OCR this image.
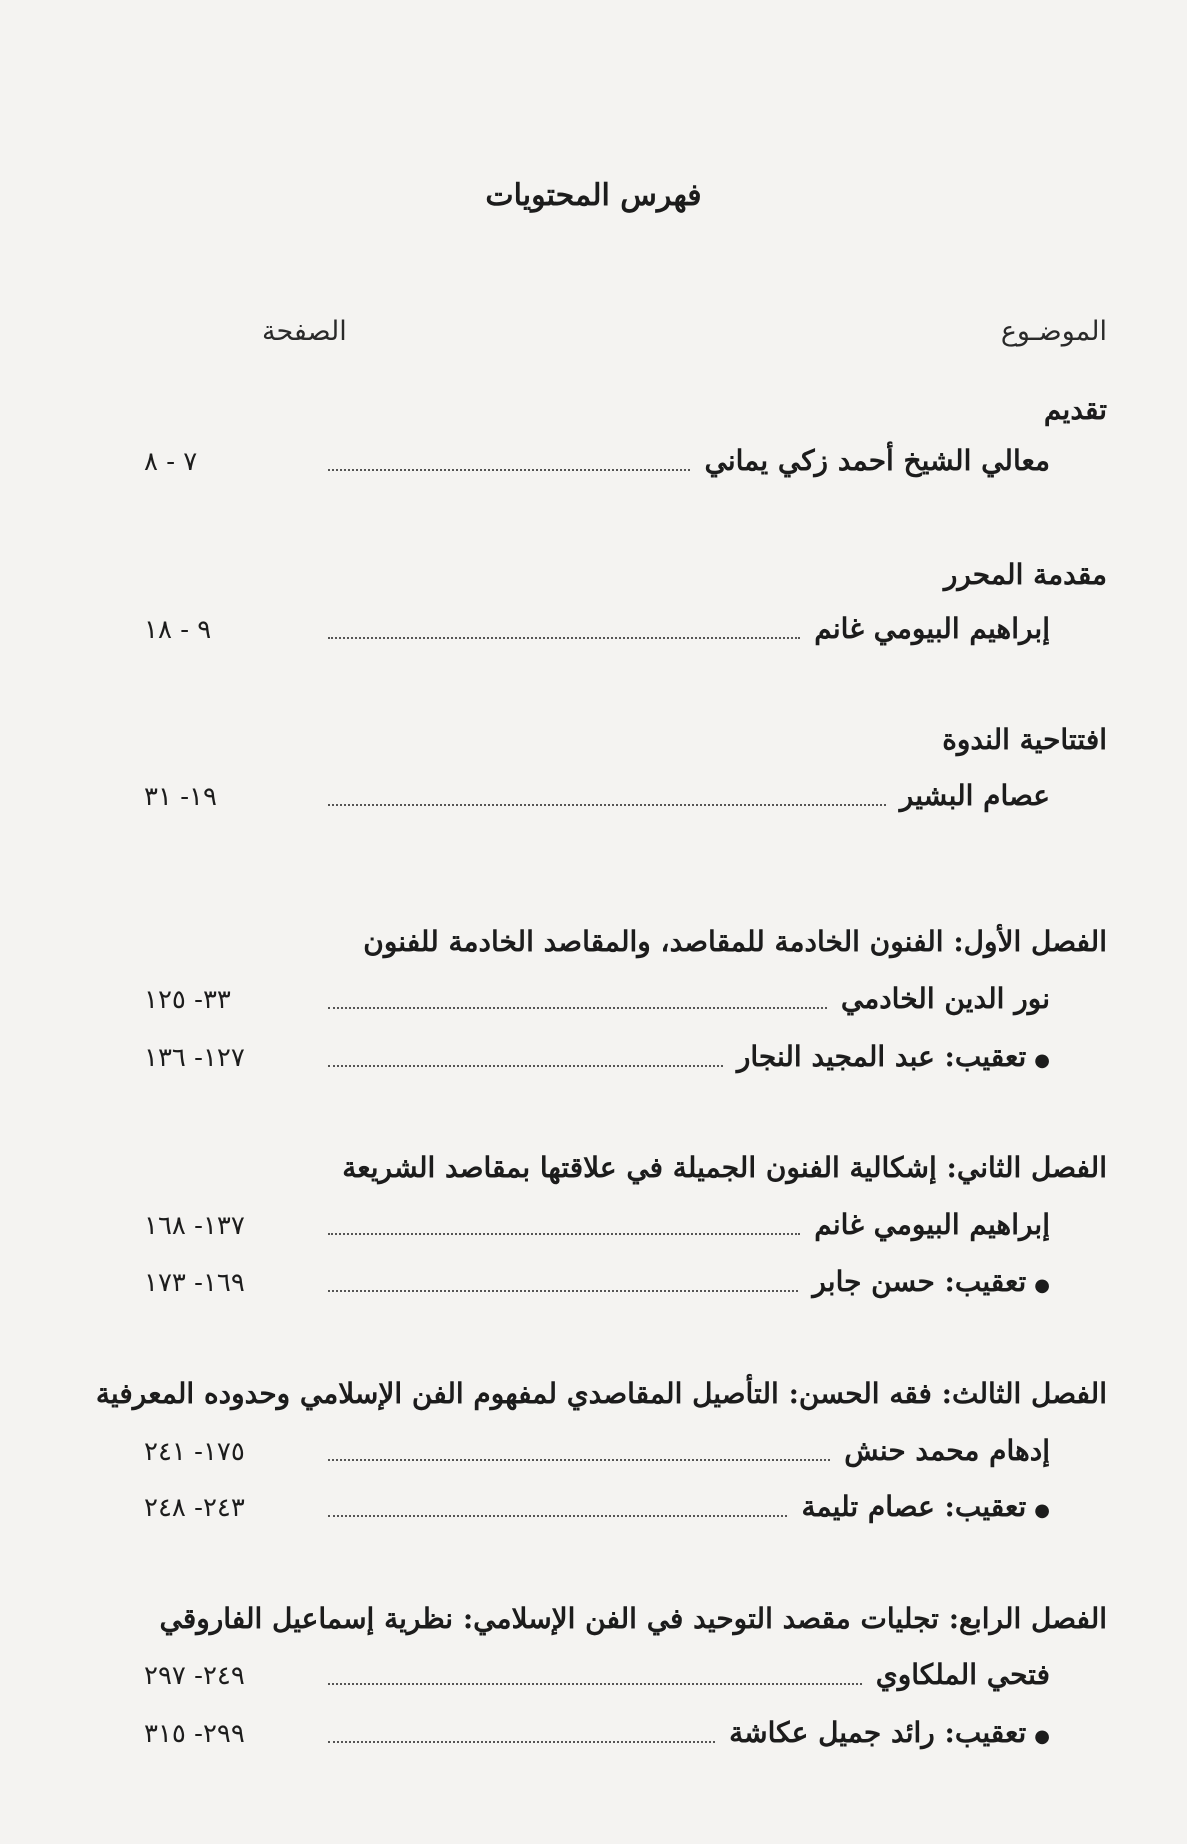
فهرس المحتويات
الموضـوع
الصفحة
تقديم
معالي الشيخ أحمد زكي يماني
٧ - ٨
مقدمة المحرر
إبراهيم البيومي غانم
٩ - ١٨
افتتاحية الندوة
عصام البشير
١٩- ٣١
الفصل الأول: الفنون الخادمة للمقاصد، والمقاصد الخادمة للفنون
نور الدين الخادمي
٣٣- ١٢٥
●تعقيب: عبد المجيد النجار
١٢٧- ١٣٦
الفصل الثاني: إشكالية الفنون الجميلة في علاقتها بمقاصد الشريعة
إبراهيم البيومي غانم
١٣٧- ١٦٨
●تعقيب: حسن جابر
١٦٩- ١٧٣
الفصل الثالث: فقه الحسن: التأصيل المقاصدي لمفهوم الفن الإسلامي وحدوده المعرفية
إدهام محمد حنش
١٧٥- ٢٤١
●تعقيب: عصام تليمة
٢٤٣- ٢٤٨
الفصل الرابع: تجليات مقصد التوحيد في الفن الإسلامي: نظرية إسماعيل الفاروقي
فتحي الملكاوي
٢٤٩- ٢٩٧
●تعقيب: رائد جميل عكاشة
٢٩٩- ٣١٥
